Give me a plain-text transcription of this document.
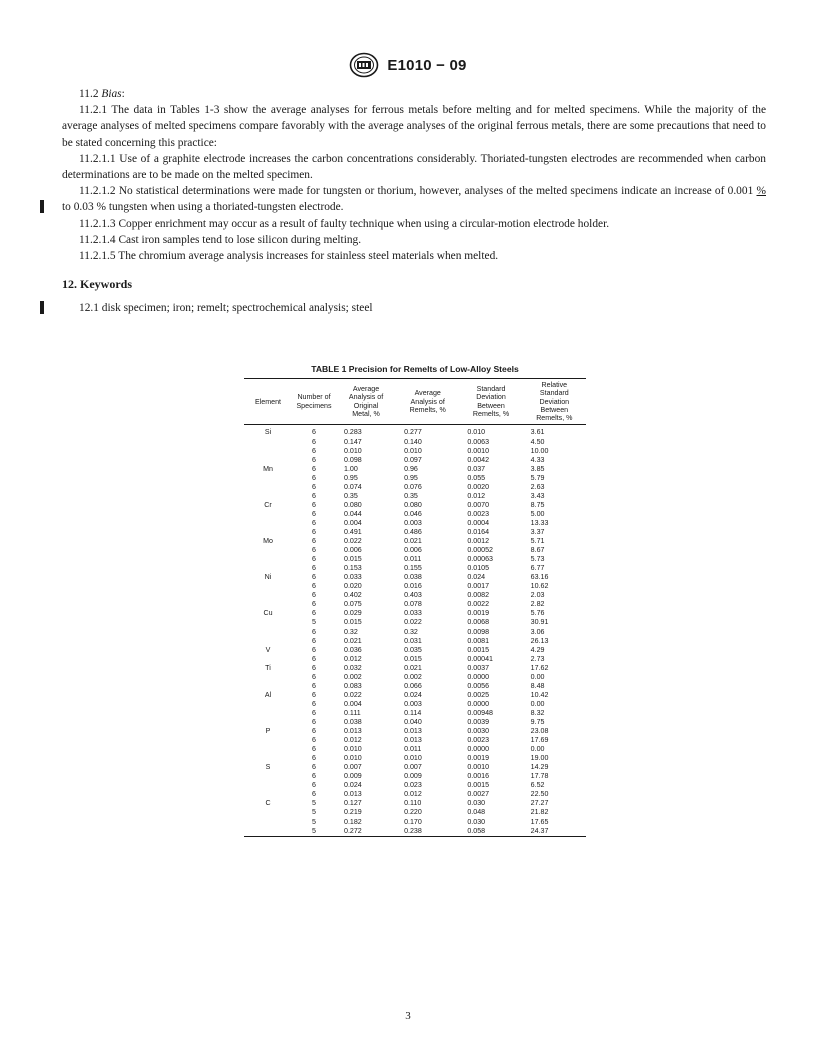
E1010 − 09

11.2 Bias:

11.2.1 The data in Tables 1-3 show the average analyses for ferrous metals before melting and for melted specimens. While the majority of the average analyses of melted specimens compare favorably with the average analyses of the original ferrous metals, there are some precautions that need to be stated concerning this practice:

11.2.1.1 Use of a graphite electrode increases the carbon concentrations considerably. Thoriated-tungsten electrodes are recommended when carbon determinations are to be made on the melted specimen.

11.2.1.2 No statistical determinations were made for tungsten or thorium, however, analyses of the melted specimens indicate an increase of 0.001 % to 0.03 % tungsten when using a thoriated-tungsten electrode.

11.2.1.3 Copper enrichment may occur as a result of faulty technique when using a circular-motion electrode holder.

11.2.1.4 Cast iron samples tend to lose silicon during melting.

11.2.1.5 The chromium average analysis increases for stainless steel materials when melted.

12. Keywords

12.1 disk specimen; iron; remelt; spectrochemical analysis; steel

TABLE 1 Precision for Remelts of Low-Alloy Steels
Element	Number of
Specimens	Average
Analysis of
Original
Metal, %	Average
Analysis of
Remelts, %	Standard
Deviation
Between
Remelts, %	Relative
Standard
Deviation
Between
Remelts, %
Si	6	0.283	0.277	0.010	3.61
	6	0.147	0.140	0.0063	4.50
	6	0.010	0.010	0.0010	10.00
	6	0.098	0.097	0.0042	4.33
Mn	6	1.00	0.96	0.037	3.85
	6	0.95	0.95	0.055	5.79
	6	0.074	0.076	0.0020	2.63
	6	0.35	0.35	0.012	3.43
Cr	6	0.080	0.080	0.0070	8.75
	6	0.044	0.046	0.0023	5.00
	6	0.004	0.003	0.0004	13.33
	6	0.491	0.486	0.0164	3.37
Mo	6	0.022	0.021	0.0012	5.71
	6	0.006	0.006	0.00052	8.67
	6	0.015	0.011	0.00063	5.73
	6	0.153	0.155	0.0105	6.77
Ni	6	0.033	0.038	0.024	63.16
	6	0.020	0.016	0.0017	10.62
	6	0.402	0.403	0.0082	2.03
	6	0.075	0.078	0.0022	2.82
Cu	6	0.029	0.033	0.0019	5.76
	5	0.015	0.022	0.0068	30.91
	6	0.32	0.32	0.0098	3.06
	6	0.021	0.031	0.0081	26.13
V	6	0.036	0.035	0.0015	4.29
	6	0.012	0.015	0.00041	2.73
Ti	6	0.032	0.021	0.0037	17.62
	6	0.002	0.002	0.0000	0.00
	6	0.083	0.066	0.0056	8.48
Al	6	0.022	0.024	0.0025	10.42
	6	0.004	0.003	0.0000	0.00
	6	0.111	0.114	0.00948	8.32
	6	0.038	0.040	0.0039	9.75
P	6	0.013	0.013	0.0030	23.08
	6	0.012	0.013	0.0023	17.69
	6	0.010	0.011	0.0000	0.00
	6	0.010	0.010	0.0019	19.00
S	6	0.007	0.007	0.0010	14.29
	6	0.009	0.009	0.0016	17.78
	6	0.024	0.023	0.0015	6.52
	6	0.013	0.012	0.0027	22.50
C	5	0.127	0.110	0.030	27.27
	5	0.219	0.220	0.048	21.82
	5	0.182	0.170	0.030	17.65
	5	0.272	0.238	0.058	24.37

3
